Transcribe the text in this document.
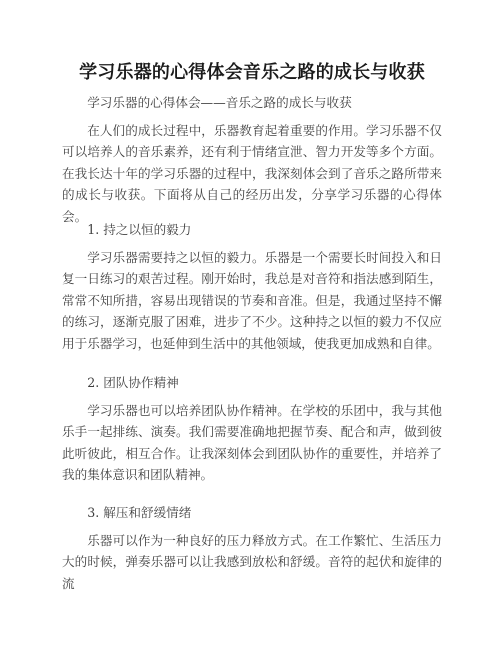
学习乐器的心得体会音乐之路的成长与收获

学习乐器的心得体会——音乐之路的成长与收获

在人们的成长过程中，乐器教育起着重要的作用。学习乐器不仅可以培养人的音乐素养，还有利于情绪宣泄、智力开发等多个方面。在我长达十年的学习乐器的过程中，我深刻体会到了音乐之路所带来的成长与收获。下面将从自己的经历出发，分享学习乐器的心得体会。

1. 持之以恒的毅力

学习乐器需要持之以恒的毅力。乐器是一个需要长时间投入和日复一日练习的艰苦过程。刚开始时，我总是对音符和指法感到陌生，常常不知所措，容易出现错误的节奏和音准。但是，我通过坚持不懈的练习，逐渐克服了困难，进步了不少。这种持之以恒的毅力不仅应用于乐器学习，也延伸到生活中的其他领域，使我更加成熟和自律。

2. 团队协作精神

学习乐器也可以培养团队协作精神。在学校的乐团中，我与其他乐手一起排练、演奏。我们需要准确地把握节奏、配合和声，做到彼此听彼此，相互合作。让我深刻体会到团队协作的重要性，并培养了我的集体意识和团队精神。

3. 解压和舒缓情绪

乐器可以作为一种良好的压力释放方式。在工作繁忙、生活压力大的时候，弹奏乐器可以让我感到放松和舒缓。音符的起伏和旋律的流
